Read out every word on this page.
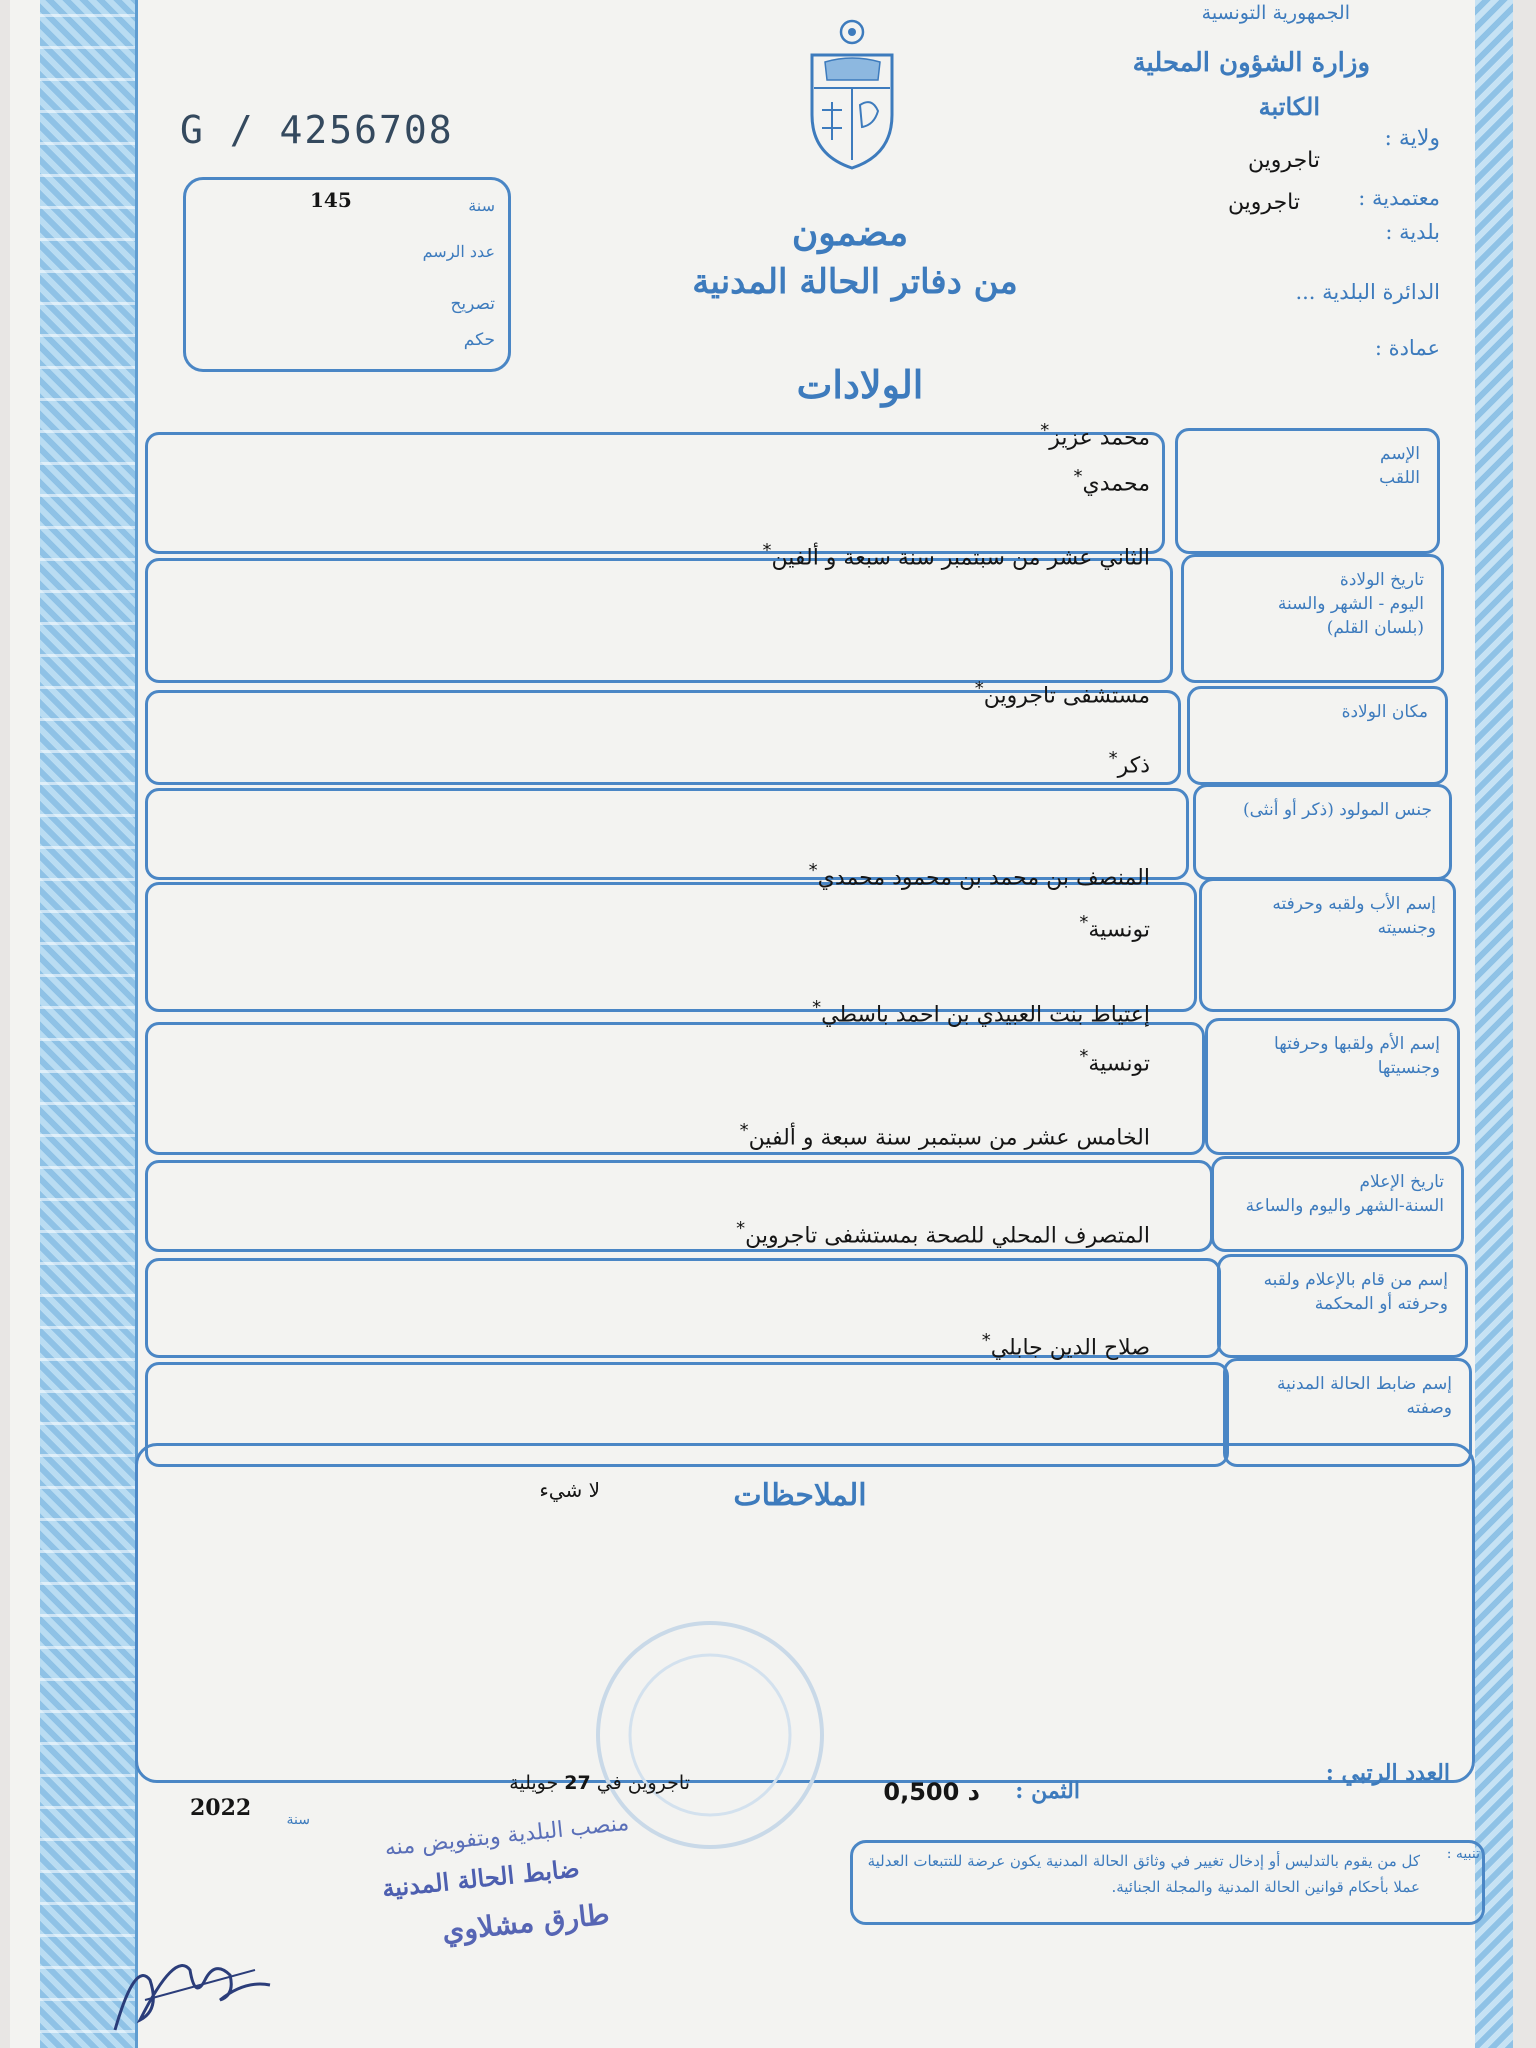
الجمهورية التونسية
وزارة الشؤون المحلية
الكاتبة
ولاية :
تاجروين
معتمدية :
تاجروين
بلدية :
الدائرة البلدية ...
عمادة :
G / 4256708
145	سنة
عدد الرسم
تصريح
حكم
مضمون
من دفاتر الحالة المدنية
الولادات
الإسم
اللقب
محمد عزيز*
محمدي*
تاريخ الولادة
اليوم - الشهر والسنة
(بلسان القلم)
الثاني عشر من سبتمبر سنة سبعة و ألفين*
مكان الولادة
مستشفى تاجروين*
جنس المولود (ذكر أو أنثى)
ذكر*
إسم الأب ولقبه وحرفته
وجنسيته
المنصف بن محمد بن محمود محمدي*
تونسية*
إسم الأم ولقبها وحرفتها
وجنسيتها
إعتياط بنت العبيدي بن احمد باسطي*
تونسية*
تاريخ الإعلام
السنة-الشهر واليوم والساعة
الخامس عشر من سبتمبر سنة سبعة و ألفين*
إسم من قام بالإعلام ولقبه
وحرفته أو المحكمة
المتصرف المحلي للصحة بمستشفى تاجروين*
إسم ضابط الحالة المدنية
وصفته
صلاح الدين جابلي*
الملاحظات
لا شيء
العدد الرتبي :
الثمن :
0,500 د
تاجروين في 27 جويلية
2022	سنة	منصب البلدية وبتفويض منه
ضابط الحالة المدنية
طارق مشلاوي
تنبيه :
كل من يقوم بالتدليس أو إدخال تغيير في وثائق الحالة المدنية يكون عرضة للتتبعات العدلية عملا بأحكام قوانين الحالة المدنية والمجلة الجنائية.
